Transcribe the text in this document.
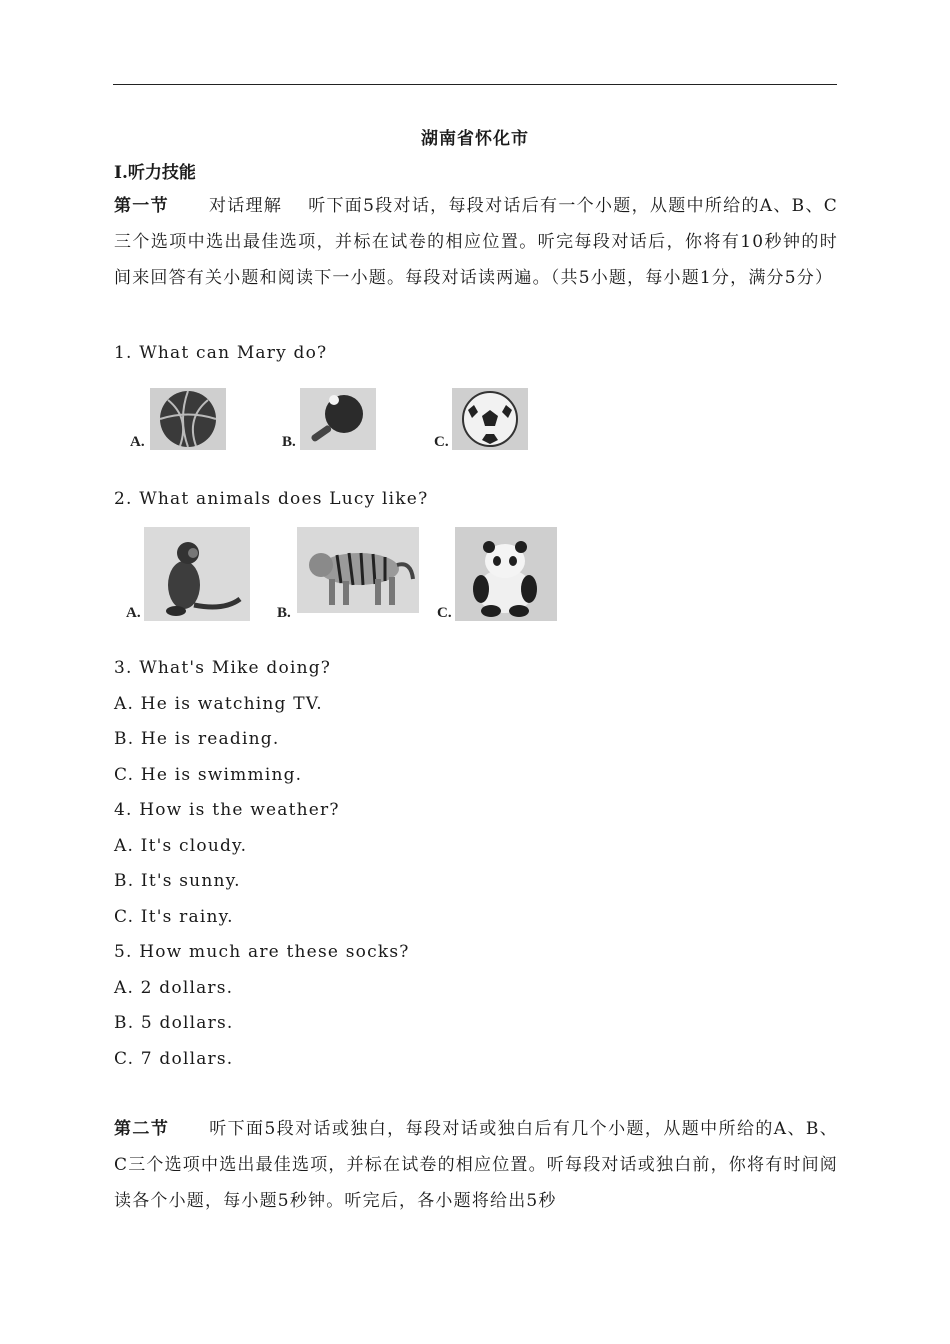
湖南省怀化市
I.听力技能
第一节 对话理解 听下面5段对话，每段对话后有一个小题，从题中所给的A、B、C三个选项中选出最佳选项，并标在试卷的相应位置。听完每段对话后，你将有10秒钟的时间来回答有关小题和阅读下一小题。每段对话读两遍。（共5小题，每小题1分，满分5分）
1. What can Mary do?
A.	B.	C.
2. What animals does Lucy like?
A.	B.	C.
3. What's Mike doing?
A. He is watching TV.
B. He is reading.
C. He is swimming.
4. How is the weather?
A. It's cloudy.
B. It's sunny.
C. It's rainy.
5. How much are these socks?
A. 2 dollars.
B. 5 dollars.
C. 7 dollars.
第二节 听下面5段对话或独白，每段对话或独白后有几个小题，从题中所给的A、B、C三个选项中选出最佳选项，并标在试卷的相应位置。听每段对话或独白前，你将有时间阅读各个小题，每小题5秒钟。听完后，各小题将给出5秒
